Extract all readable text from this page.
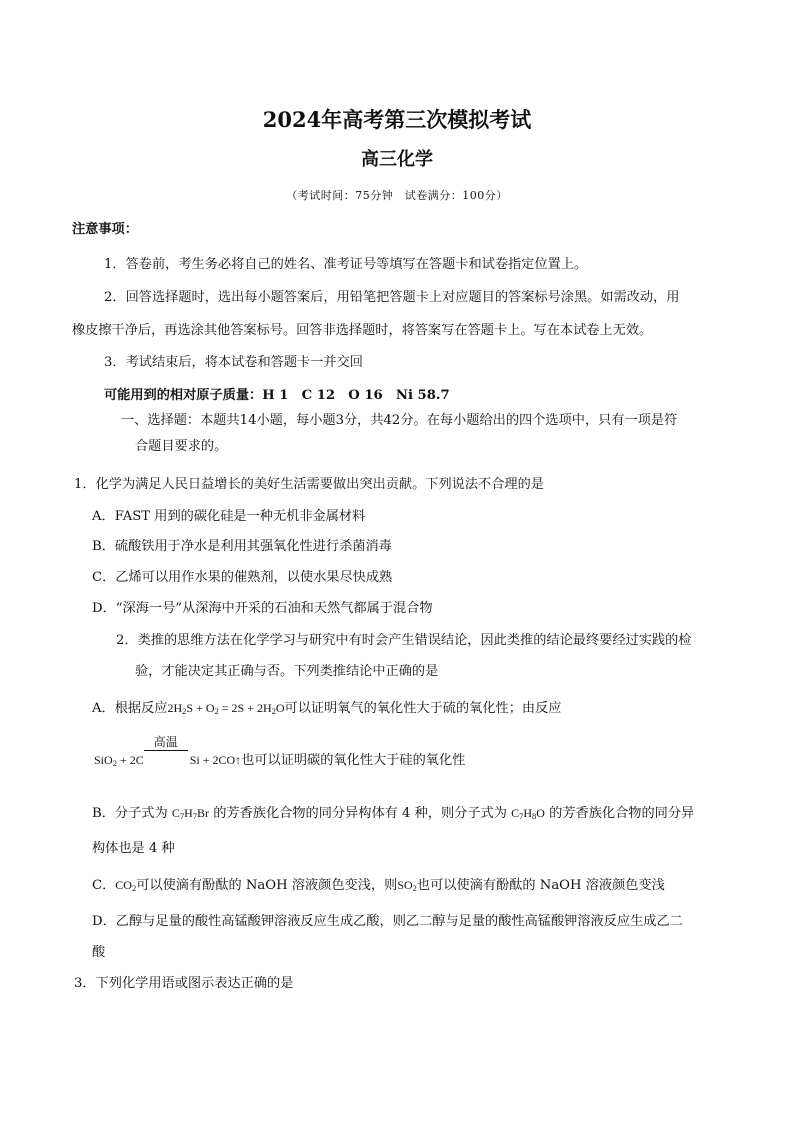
2024年高考第三次模拟考试
高三化学
（考试时间：75分钟　试卷满分：100分）
注意事项：
1．答卷前，考生务必将自己的姓名、准考证号等填写在答题卡和试卷指定位置上。
2．回答选择题时，选出每小题答案后，用铅笔把答题卡上对应题目的答案标号涂黑。如需改动，用
橡皮擦干净后，再选涂其他答案标号。回答非选择题时，将答案写在答题卡上。写在本试卷上无效。
3．考试结束后，将本试卷和答题卡一并交回
可能用到的相对原子质量：H 1　C 12　O 16　Ni 58.7
一、选择题：本题共14小题，每小题3分，共42分。在每小题给出的四个选项中，只有一项是符
合题目要求的。
1．化学为满足人民日益增长的美好生活需要做出突出贡献。下列说法不合理的是
A．FAST 用到的碳化硅是一种无机非金属材料
B．硫酸铁用于净水是利用其强氧化性进行杀菌消毒
C．乙烯可以用作水果的催熟剂，以使水果尽快成熟
D．“深海一号”从深海中开采的石油和天然气都属于混合物
2．类推的思维方法在化学学习与研究中有时会产生错误结论，因此类推的结论最终要经过实践的检
验，才能决定其正确与否。下列类推结论中正确的是
A．根据反应$2H_2S + O_2 = 2S + 2H_2O$可以证明氧气的氧化性大于硫的氧化性；由反应
SiO$_2$ + 2C
高温
Si + 2CO↑也可以证明碳的氧化性大于硅的氧化性
B．分子式为 $C_7H_7Br$ 的芳香族化合物的同分异构体有 4 种，则分子式为 $C_7H_8O$ 的芳香族化合物的同分异
构体也是 4 种
C．$CO_2$可以使滴有酚酞的 NaOH 溶液颜色变浅，则$SO_2$也可以使滴有酚酞的 NaOH 溶液颜色变浅
D．乙醇与足量的酸性高锰酸钾溶液反应生成乙酸，则乙二醇与足量的酸性高锰酸钾溶液反应生成乙二
酸
3．下列化学用语或图示表达正确的是
